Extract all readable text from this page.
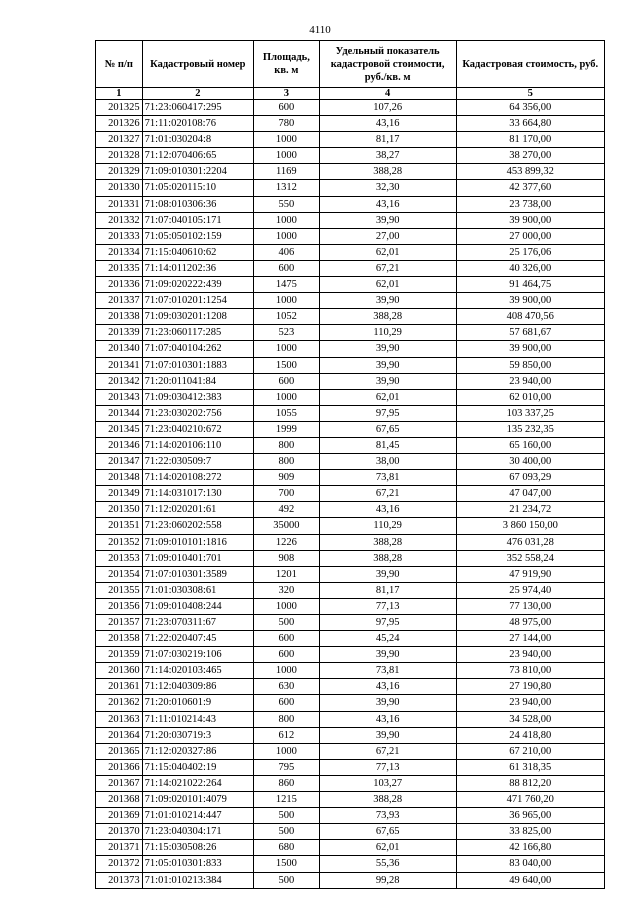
4110
№ п/п	Кадастровый номер	Площадь, кв. м	Удельный показатель кадастровой стоимости, руб./кв. м	Кадастровая стоимость, руб.
1	2	3	4	5
201325	71:23:060417:295	600	107,26	64 356,00
201326	71:11:020108:76	780	43,16	33 664,80
201327	71:01:030204:8	1000	81,17	81 170,00
201328	71:12:070406:65	1000	38,27	38 270,00
201329	71:09:010301:2204	1169	388,28	453 899,32
201330	71:05:020115:10	1312	32,30	42 377,60
201331	71:08:010306:36	550	43,16	23 738,00
201332	71:07:040105:171	1000	39,90	39 900,00
201333	71:05:050102:159	1000	27,00	27 000,00
201334	71:15:040610:62	406	62,01	25 176,06
201335	71:14:011202:36	600	67,21	40 326,00
201336	71:09:020222:439	1475	62,01	91 464,75
201337	71:07:010201:1254	1000	39,90	39 900,00
201338	71:09:030201:1208	1052	388,28	408 470,56
201339	71:23:060117:285	523	110,29	57 681,67
201340	71:07:040104:262	1000	39,90	39 900,00
201341	71:07:010301:1883	1500	39,90	59 850,00
201342	71:20:011041:84	600	39,90	23 940,00
201343	71:09:030412:383	1000	62,01	62 010,00
201344	71:23:030202:756	1055	97,95	103 337,25
201345	71:23:040210:672	1999	67,65	135 232,35
201346	71:14:020106:110	800	81,45	65 160,00
201347	71:22:030509:7	800	38,00	30 400,00
201348	71:14:020108:272	909	73,81	67 093,29
201349	71:14:031017:130	700	67,21	47 047,00
201350	71:12:020201:61	492	43,16	21 234,72
201351	71:23:060202:558	35000	110,29	3 860 150,00
201352	71:09:010101:1816	1226	388,28	476 031,28
201353	71:09:010401:701	908	388,28	352 558,24
201354	71:07:010301:3589	1201	39,90	47 919,90
201355	71:01:030308:61	320	81,17	25 974,40
201356	71:09:010408:244	1000	77,13	77 130,00
201357	71:23:070311:67	500	97,95	48 975,00
201358	71:22:020407:45	600	45,24	27 144,00
201359	71:07:030219:106	600	39,90	23 940,00
201360	71:14:020103:465	1000	73,81	73 810,00
201361	71:12:040309:86	630	43,16	27 190,80
201362	71:20:010601:9	600	39,90	23 940,00
201363	71:11:010214:43	800	43,16	34 528,00
201364	71:20:030719:3	612	39,90	24 418,80
201365	71:12:020327:86	1000	67,21	67 210,00
201366	71:15:040402:19	795	77,13	61 318,35
201367	71:14:021022:264	860	103,27	88 812,20
201368	71:09:020101:4079	1215	388,28	471 760,20
201369	71:01:010214:447	500	73,93	36 965,00
201370	71:23:040304:171	500	67,65	33 825,00
201371	71:15:030508:26	680	62,01	42 166,80
201372	71:05:010301:833	1500	55,36	83 040,00
201373	71:01:010213:384	500	99,28	49 640,00
